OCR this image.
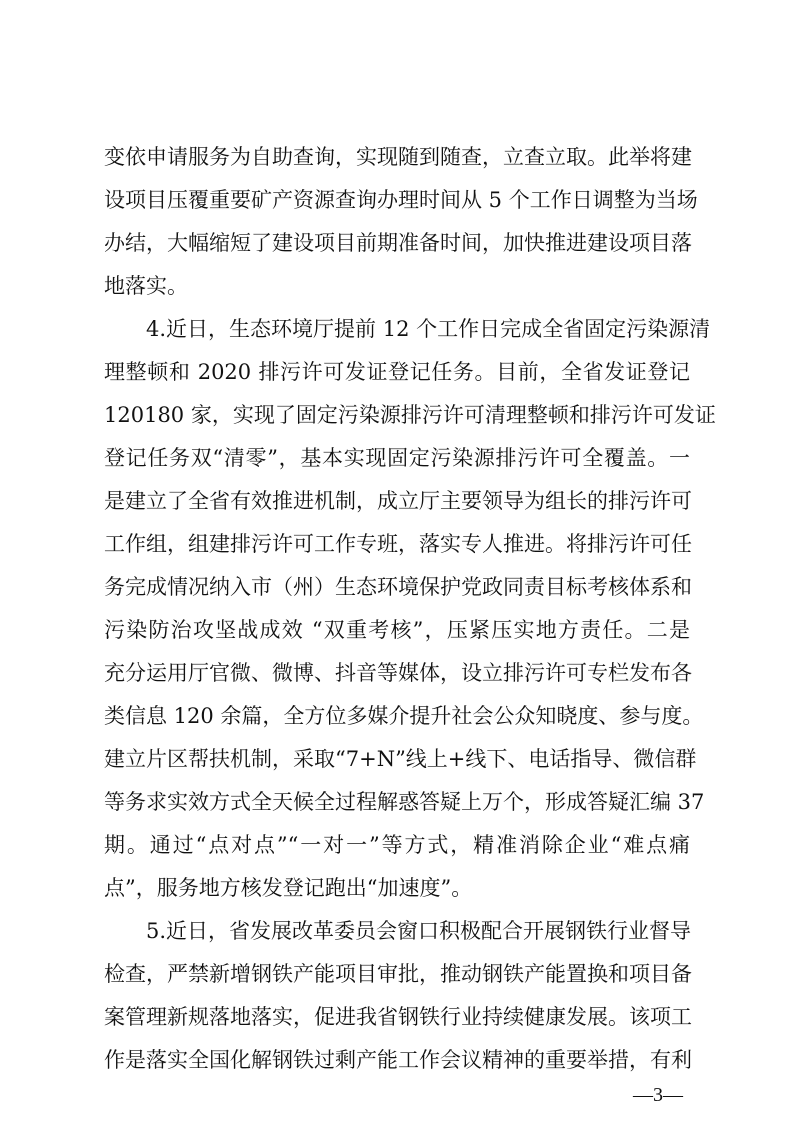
变依申请服务为自助查询，实现随到随查，立查立取。此举将建
设项目压覆重要矿产资源查询办理时间从 5 个工作日调整为当场
办结，大幅缩短了建设项目前期准备时间，加快推进建设项目落
地落实。
4.近日，生态环境厅提前 12 个工作日完成全省固定污染源清
理整顿和 2020 排污许可发证登记任务。目前，全省发证登记
120180 家，实现了固定污染源排污许可清理整顿和排污许可发证
登记任务双“清零”，基本实现固定污染源排污许可全覆盖。一
是建立了全省有效推进机制，成立厅主要领导为组长的排污许可
工作组，组建排污许可工作专班，落实专人推进。将排污许可任
务完成情况纳入市（州）生态环境保护党政同责目标考核体系和
污染防治攻坚战成效 “双重考核”，压紧压实地方责任。二是
充分运用厅官微、微博、抖音等媒体，设立排污许可专栏发布各
类信息 120 余篇，全方位多媒介提升社会公众知晓度、参与度。
建立片区帮扶机制，采取“7+N”线上+线下、电话指导、微信群
等务求实效方式全天候全过程解惑答疑上万个，形成答疑汇编 37
期。通过“点对点”“一对一”等方式，精准消除企业“难点痛
点”，服务地方核发登记跑出“加速度”。
5.近日，省发展改革委员会窗口积极配合开展钢铁行业督导
检查，严禁新增钢铁产能项目审批，推动钢铁产能置换和项目备
案管理新规落地落实，促进我省钢铁行业持续健康发展。该项工
作是落实全国化解钢铁过剩产能工作会议精神的重要举措，有利
—3—
